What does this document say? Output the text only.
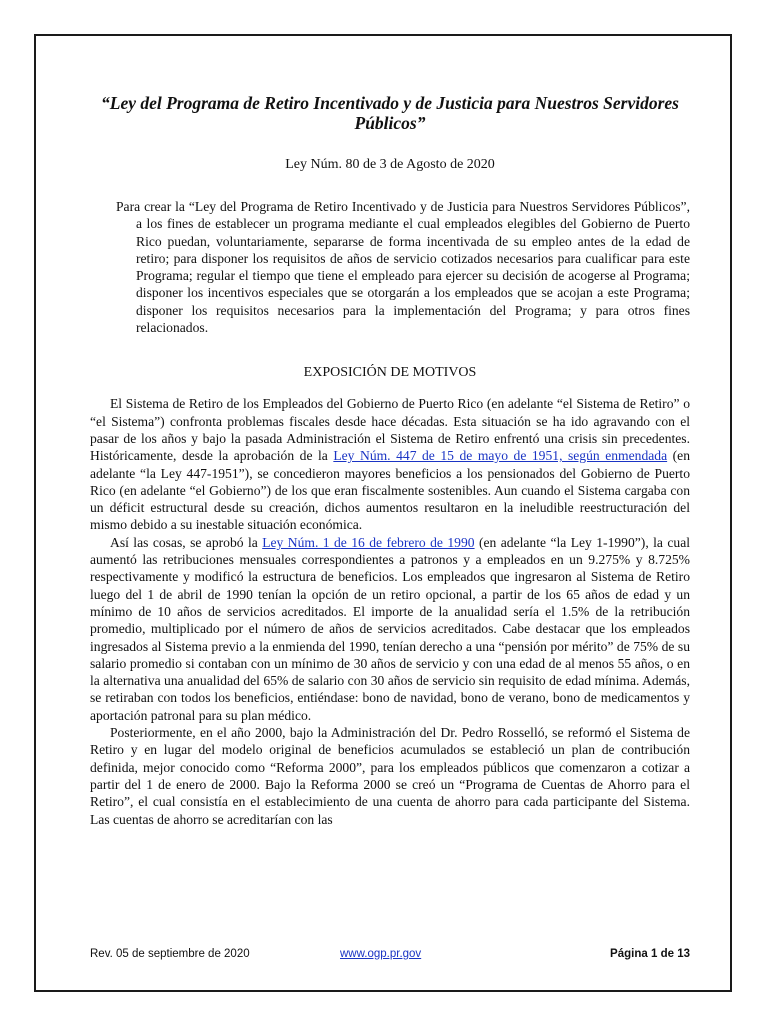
“Ley del Programa de Retiro Incentivado y de Justicia para Nuestros Servidores Públicos”

Ley Núm. 80 de 3 de Agosto de 2020

Para crear la “Ley del Programa de Retiro Incentivado y de Justicia para Nuestros Servidores Públicos”, a los fines de establecer un programa mediante el cual empleados elegibles del Gobierno de Puerto Rico puedan, voluntariamente, separarse de forma incentivada de su empleo antes de la edad de retiro; para disponer los requisitos de años de servicio cotizados necesarios para cualificar para este Programa; regular el tiempo que tiene el empleado para ejercer su decisión de acogerse al Programa; disponer los incentivos especiales que se otorgarán a los empleados que se acojan a este Programa; disponer los requisitos necesarios para la implementación del Programa; y para otros fines relacionados.

EXPOSICIÓN DE MOTIVOS

El Sistema de Retiro de los Empleados del Gobierno de Puerto Rico (en adelante “el Sistema de Retiro” o “el Sistema”) confronta problemas fiscales desde hace décadas. Esta situación se ha ido agravando con el pasar de los años y bajo la pasada Administración el Sistema de Retiro enfrentó una crisis sin precedentes. Históricamente, desde la aprobación de la Ley Núm. 447 de 15 de mayo de 1951, según enmendada (en adelante “la Ley 447-1951”), se concedieron mayores beneficios a los pensionados del Gobierno de Puerto Rico (en adelante “el Gobierno”) de los que eran fiscalmente sostenibles. Aun cuando el Sistema cargaba con un déficit estructural desde su creación, dichos aumentos resultaron en la ineludible reestructuración del mismo debido a su inestable situación económica.

Así las cosas, se aprobó la Ley Núm. 1 de 16 de febrero de 1990 (en adelante “la Ley 1-1990”), la cual aumentó las retribuciones mensuales correspondientes a patronos y a empleados en un 9.275% y 8.725% respectivamente y modificó la estructura de beneficios. Los empleados que ingresaron al Sistema de Retiro luego del 1 de abril de 1990 tenían la opción de un retiro opcional, a partir de los 65 años de edad y un mínimo de 10 años de servicios acreditados. El importe de la anualidad sería el 1.5% de la retribución promedio, multiplicado por el número de años de servicios acreditados. Cabe destacar que los empleados ingresados al Sistema previo a la enmienda del 1990, tenían derecho a una “pensión por mérito” de 75% de su salario promedio si contaban con un mínimo de 30 años de servicio y con una edad de al menos 55 años, o en la alternativa una anualidad del 65% de salario con 30 años de servicio sin requisito de edad mínima. Además, se retiraban con todos los beneficios, entiéndase: bono de navidad, bono de verano, bono de medicamentos y aportación patronal para su plan médico.

Posteriormente, en el año 2000, bajo la Administración del Dr. Pedro Rosselló, se reformó el Sistema de Retiro y en lugar del modelo original de beneficios acumulados se estableció un plan de contribución definida, mejor conocido como “Reforma 2000”, para los empleados públicos que comenzaron a cotizar a partir del 1 de enero de 2000. Bajo la Reforma 2000 se creó un “Programa de Cuentas de Ahorro para el Retiro”, el cual consistía en el establecimiento de una cuenta de ahorro para cada participante del Sistema. Las cuentas de ahorro se acreditarían con las

Rev. 05 de septiembre de 2020	www.ogp.pr.gov	Página 1 de 13
